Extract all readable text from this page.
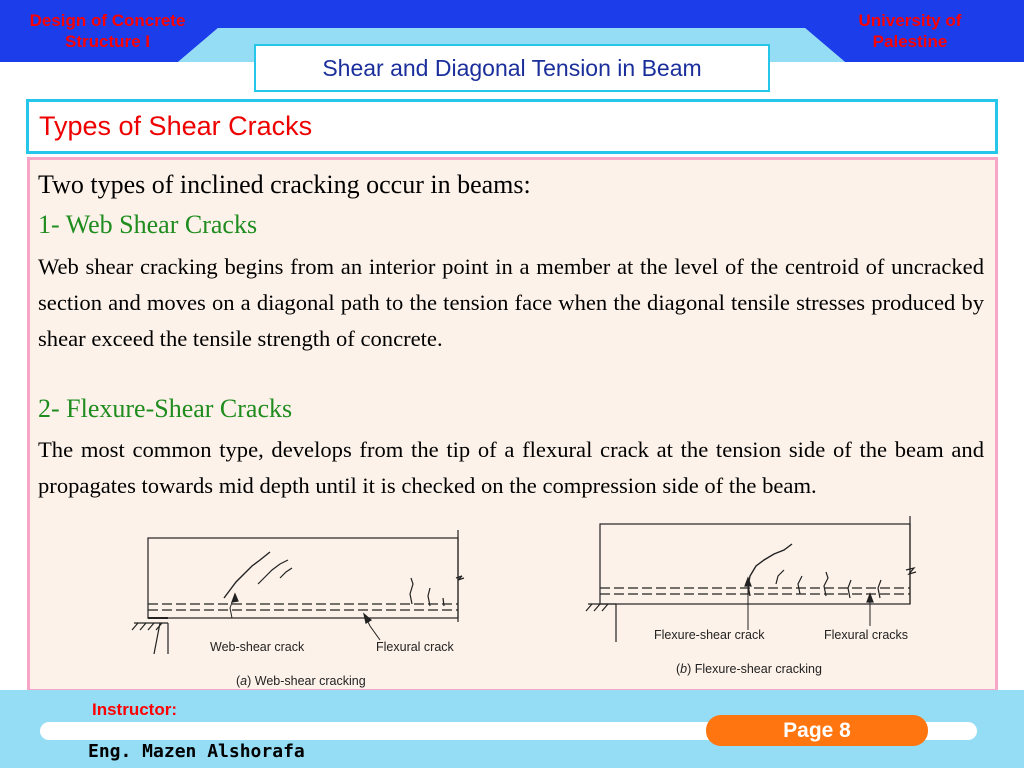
Design of Concrete Structure I
University of Palestine
Shear and Diagonal Tension in Beam
Types of Shear Cracks
Two types of inclined cracking occur in beams:
1- Web Shear Cracks
Web shear cracking begins from an interior point in a member at the level of the centroid of uncracked section and moves on a diagonal path to the tension face when the diagonal tensile stresses produced by shear exceed the tensile strength of concrete.
2- Flexure-Shear Cracks
The most common type, develops from the tip of a flexural crack at the tension side of the beam and propagates towards mid depth until it is checked on the compression side of the beam.
Web-shear crack	Flexural crack
(a) Web-shear cracking
Flexure-shear crack	Flexural cracks
(b) Flexure-shear cracking
Instructor:
Eng. Mazen Alshorafa
Page 8
